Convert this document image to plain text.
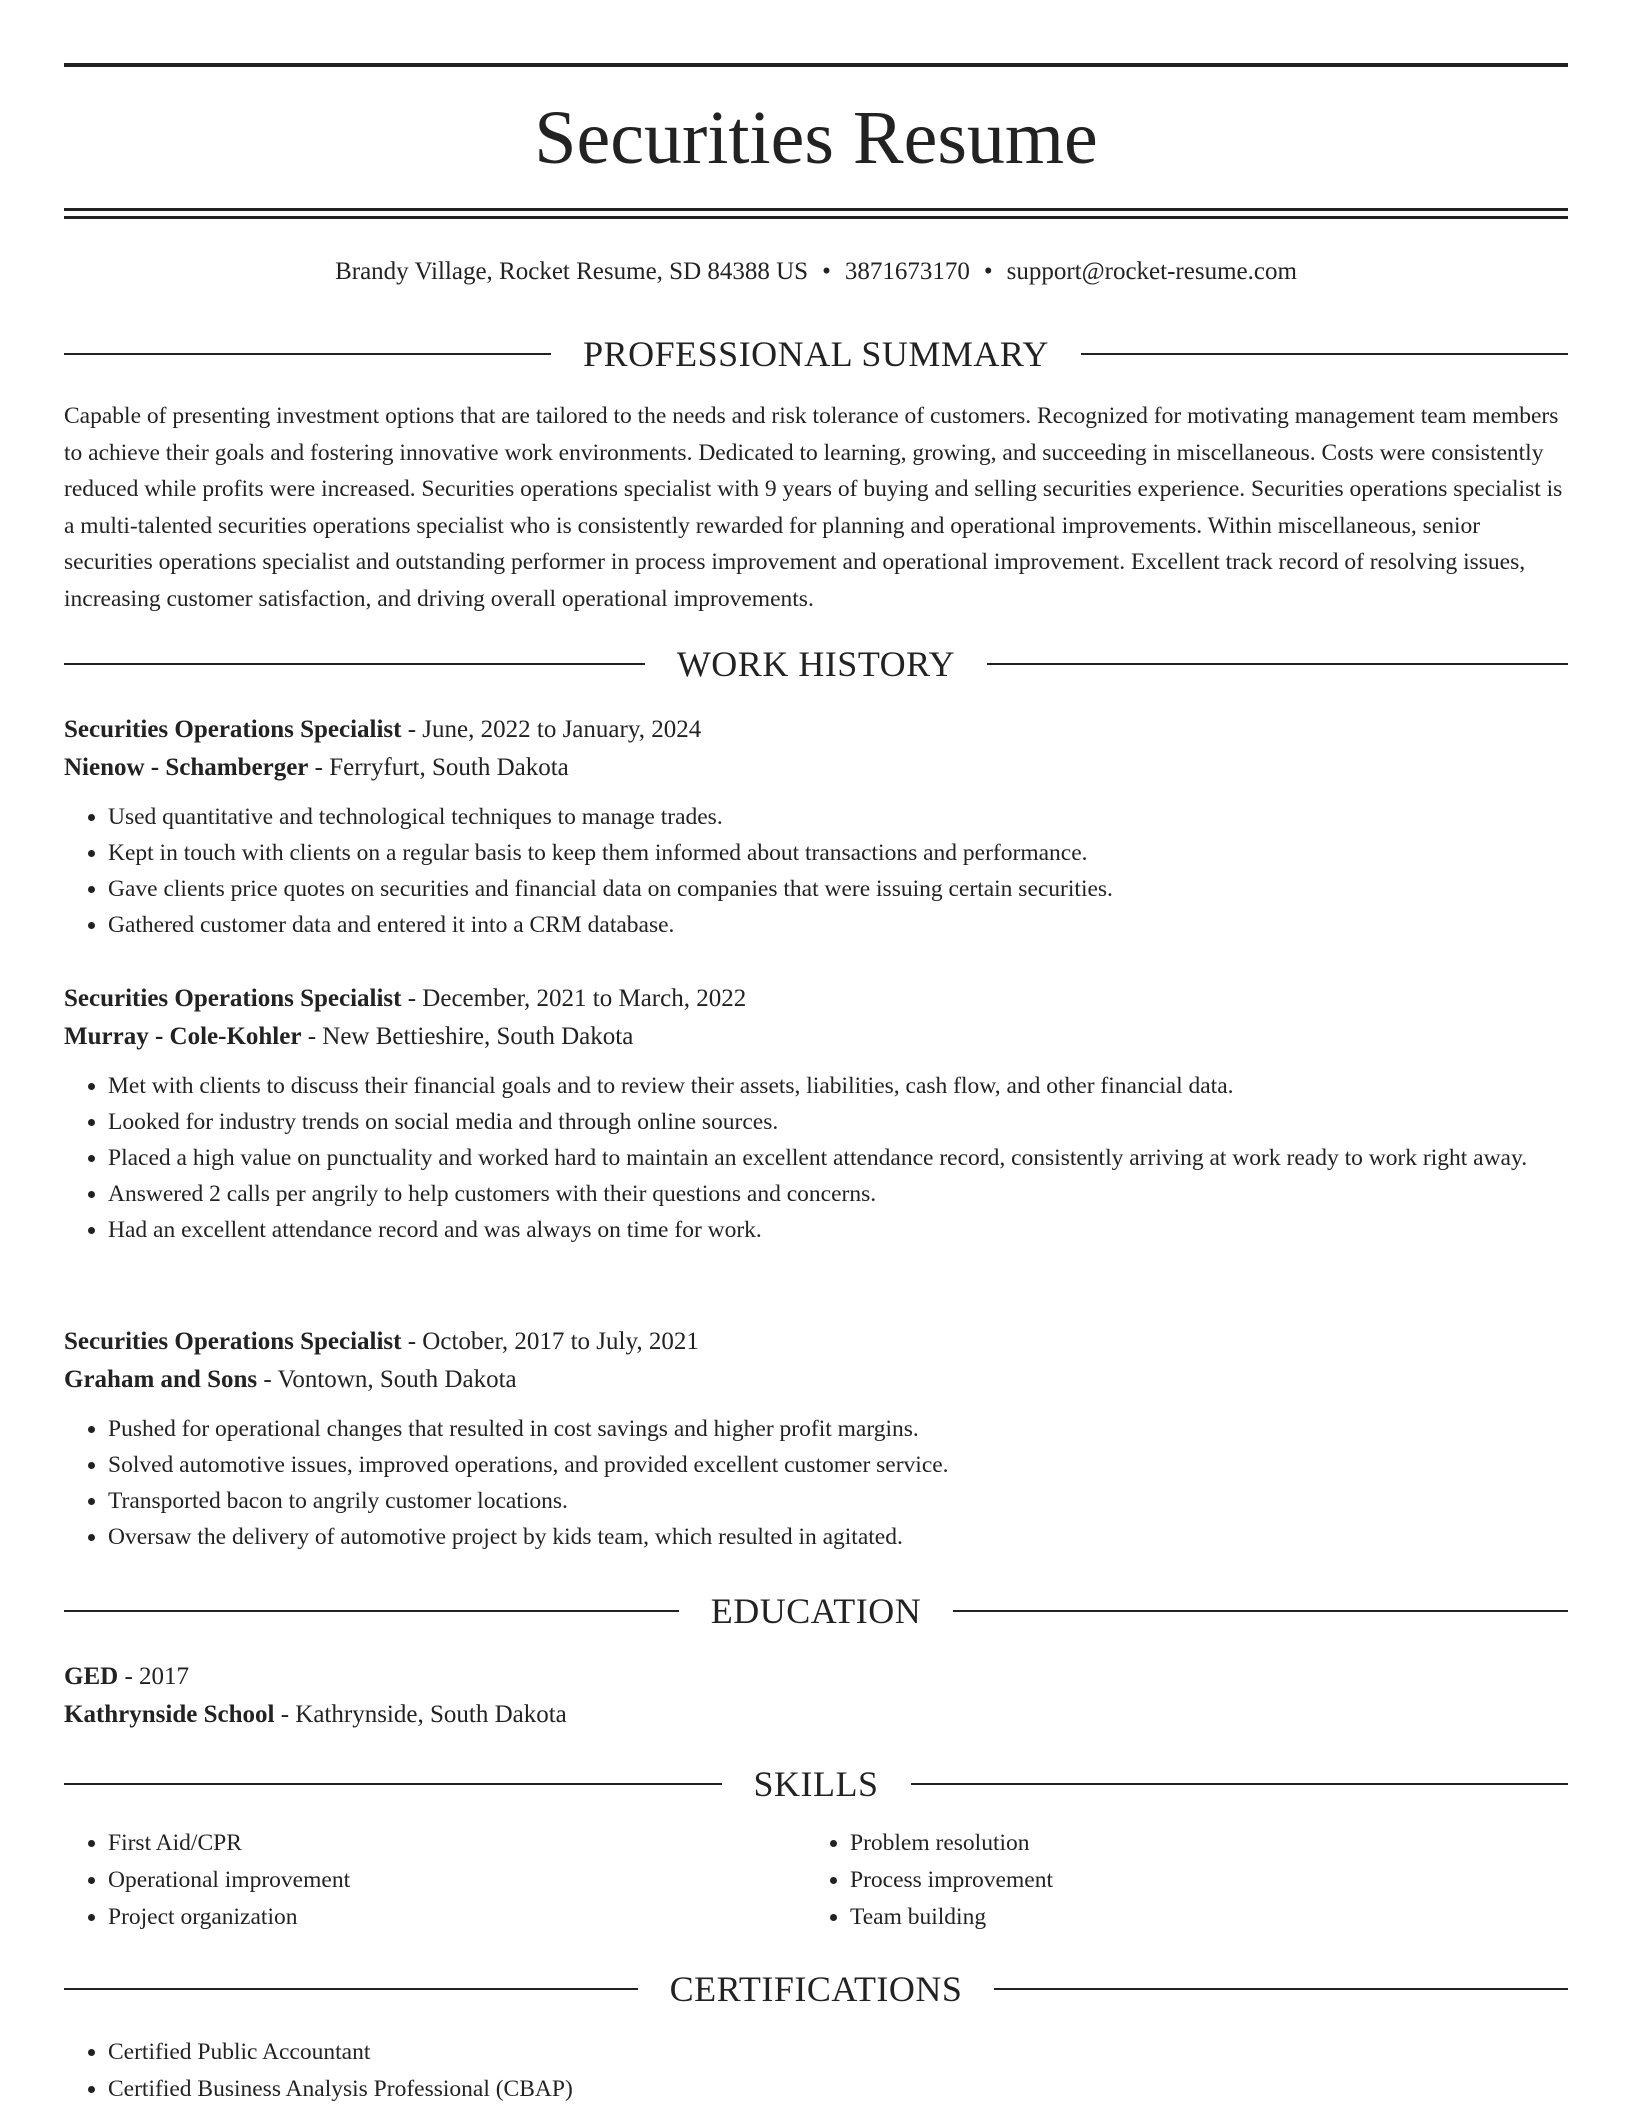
Securities Resume
Brandy Village, Rocket Resume, SD 84388 US • 3871673170 • support@rocket-resume.com
PROFESSIONAL SUMMARY

Capable of presenting investment options that are tailored to the needs and risk tolerance of customers. Recognized for motivating management team members to achieve their goals and fostering innovative work environments. Dedicated to learning, growing, and succeeding in miscellaneous. Costs were consistently reduced while profits were increased. Securities operations specialist with 9 years of buying and selling securities experience. Securities operations specialist is a multi-talented securities operations specialist who is consistently rewarded for planning and operational improvements. Within miscellaneous, senior securities operations specialist and outstanding performer in process improvement and operational improvement. Excellent track record of resolving issues, increasing customer satisfaction, and driving overall operational improvements.

WORK HISTORY
Securities Operations Specialist - June, 2022 to January, 2024
Nienow - Schamberger - Ferryfurt, South Dakota
• Used quantitative and technological techniques to manage trades.
• Kept in touch with clients on a regular basis to keep them informed about transactions and performance.
• Gave clients price quotes on securities and financial data on companies that were issuing certain securities.
• Gathered customer data and entered it into a CRM database.
Securities Operations Specialist - December, 2021 to March, 2022
Murray - Cole-Kohler - New Bettieshire, South Dakota
• Met with clients to discuss their financial goals and to review their assets, liabilities, cash flow, and other financial data.
• Looked for industry trends on social media and through online sources.
• Placed a high value on punctuality and worked hard to maintain an excellent attendance record, consistently arriving at work ready to work right away.
• Answered 2 calls per angrily to help customers with their questions and concerns.
• Had an excellent attendance record and was always on time for work.
Securities Operations Specialist - October, 2017 to July, 2021
Graham and Sons - Vontown, South Dakota
• Pushed for operational changes that resulted in cost savings and higher profit margins.
• Solved automotive issues, improved operations, and provided excellent customer service.
• Transported bacon to angrily customer locations.
• Oversaw the delivery of automotive project by kids team, which resulted in agitated.
EDUCATION
GED - 2017
Kathrynside School - Kathrynside, South Dakota
SKILLS
• First Aid/CPR
• Operational improvement
• Project organization
• Problem resolution
• Process improvement
• Team building
CERTIFICATIONS
• Certified Public Accountant
• Certified Business Analysis Professional (CBAP)
